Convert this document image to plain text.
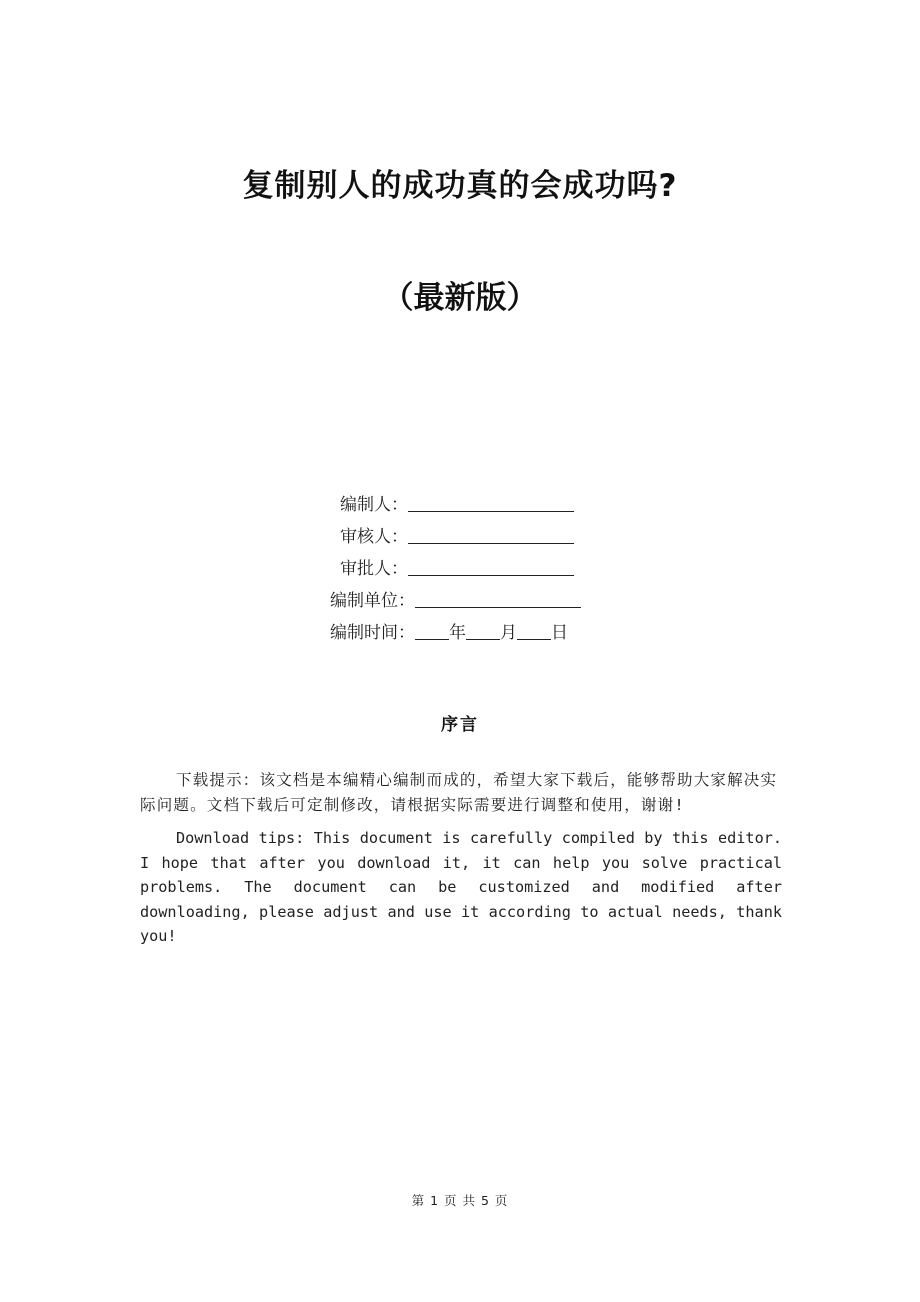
复制别人的成功真的会成功吗?
（最新版）
编制人：
审核人：
审批人：
编制单位：
编制时间： 年 月 日
序言
下载提示：该文档是本编精心编制而成的，希望大家下载后，能够帮助大家解决实际问题。文档下载后可定制修改，请根据实际需要进行调整和使用，谢谢!
Download tips: This document is carefully compiled by this editor. I hope that after you download it, it can help you solve practical problems. The document can be customized and modified after downloading, please adjust and use it according to actual needs, thank you!
第 1 页 共 5 页
